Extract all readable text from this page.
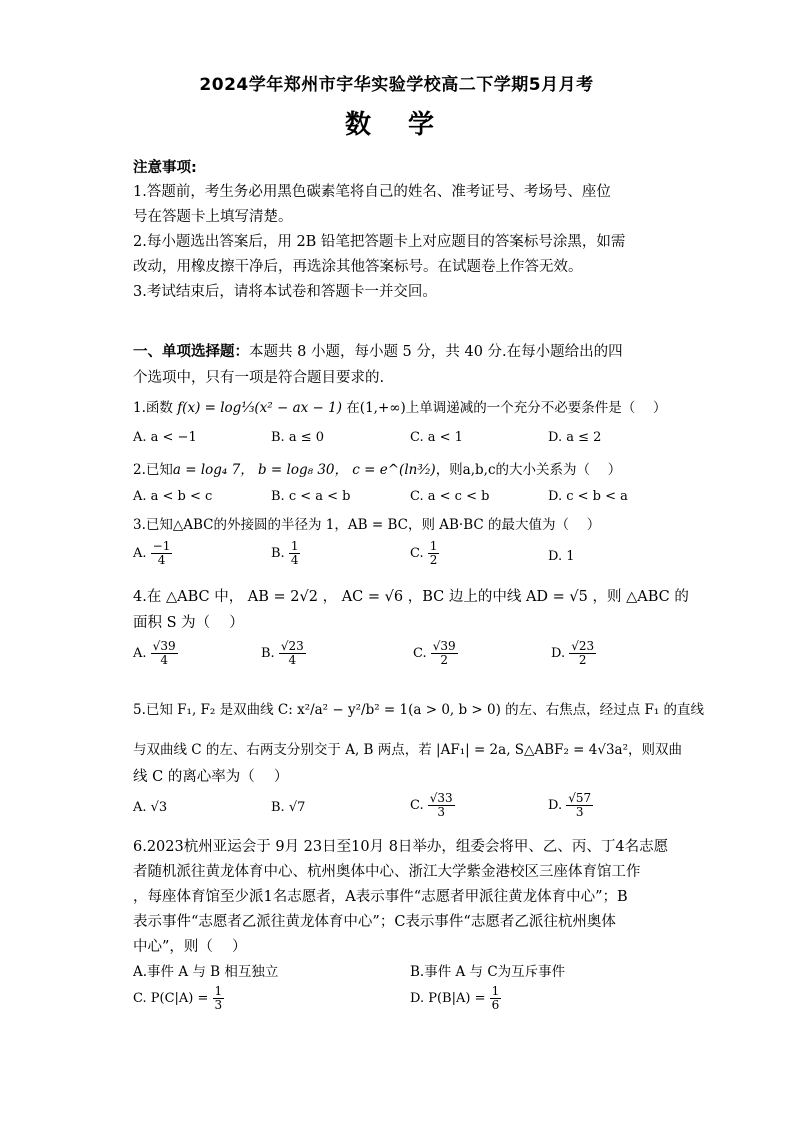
2024学年郑州市宇华实验学校高二下学期5月月考
数 学
注意事项:
1.答题前，考生务必用黑色碳素笔将自己的姓名、准考证号、考场号、座位
号在答题卡上填写清楚。
2.每小题选出答案后，用 2B 铅笔把答题卡上对应题目的答案标号涂黑，如需
改动，用橡皮擦干净后，再选涂其他答案标号。在试题卷上作答无效。
3.考试结束后，请将本试卷和答题卡一并交回。
一、单项选择题：本题共 8 小题，每小题 5 分，共 40 分.在每小题给出的四
个选项中，只有一项是符合题目要求的.
1.函数 f(x) = log⅓(x² − ax − 1) 在(1,+∞)上单调递减的一个充分不必要条件是（　 ）
A. a < −1	B. a ≤ 0	C. a < 1	D. a ≤ 2
2.已知a = log₄ 7， b = log₈ 30， c = e^(ln³⁄₂)，则a,b,c的大小关系为（　 ）
A. a < b < c	B. c < a < b	C. a < c < b	D. c < b < a
3.已知△ABC的外接圆的半径为 1，AB = BC，则 AB·BC 的最大值为（　 ）
A. $\frac{-1}{4}$	B. $\frac{1}{4}$	C. $\frac{1}{2}$	D. 1
4.在 △ABC 中， AB = 2√2 ， AC = √6 ，BC 边上的中线 AD = √5 ，则 △ABC 的
面积 S 为（　 ）
A. $\frac{√39}{4}$	B. $\frac{√23}{4}$	C. $\frac{√39}{2}$	D. $\frac{√23}{2}$
5.已知 F₁, F₂ 是双曲线 C: x²/a² − y²/b² = 1(a > 0, b > 0) 的左、右焦点，经过点 F₁ 的直线
与双曲线 C 的左、右两支分别交于 A, B 两点，若 |AF₁| = 2a, S△ABF₂ = 4√3a²，则双曲
线 C 的离心率为（　 ）
A. √3	B. √7	C. $\frac{√33}{3}$	D. $\frac{√57}{3}$
6.2023杭州亚运会于 9月 23日至10月 8日举办，组委会将甲、乙、丙、丁4名志愿
者随机派往黄龙体育中心、杭州奥体中心、浙江大学紫金港校区三座体育馆工作
，每座体育馆至少派1名志愿者，A表示事件“志愿者甲派往黄龙体育中心”；B
表示事件“志愿者乙派往黄龙体育中心”；C表示事件“志愿者乙派往杭州奥体
中心”，则（　 ）
A.事件 A 与 B 相互独立	B.事件 A 与 C为互斥事件
C. $P(C|A) = \frac{1}{3}$	D. $P(B|A) = \frac{1}{6}$
